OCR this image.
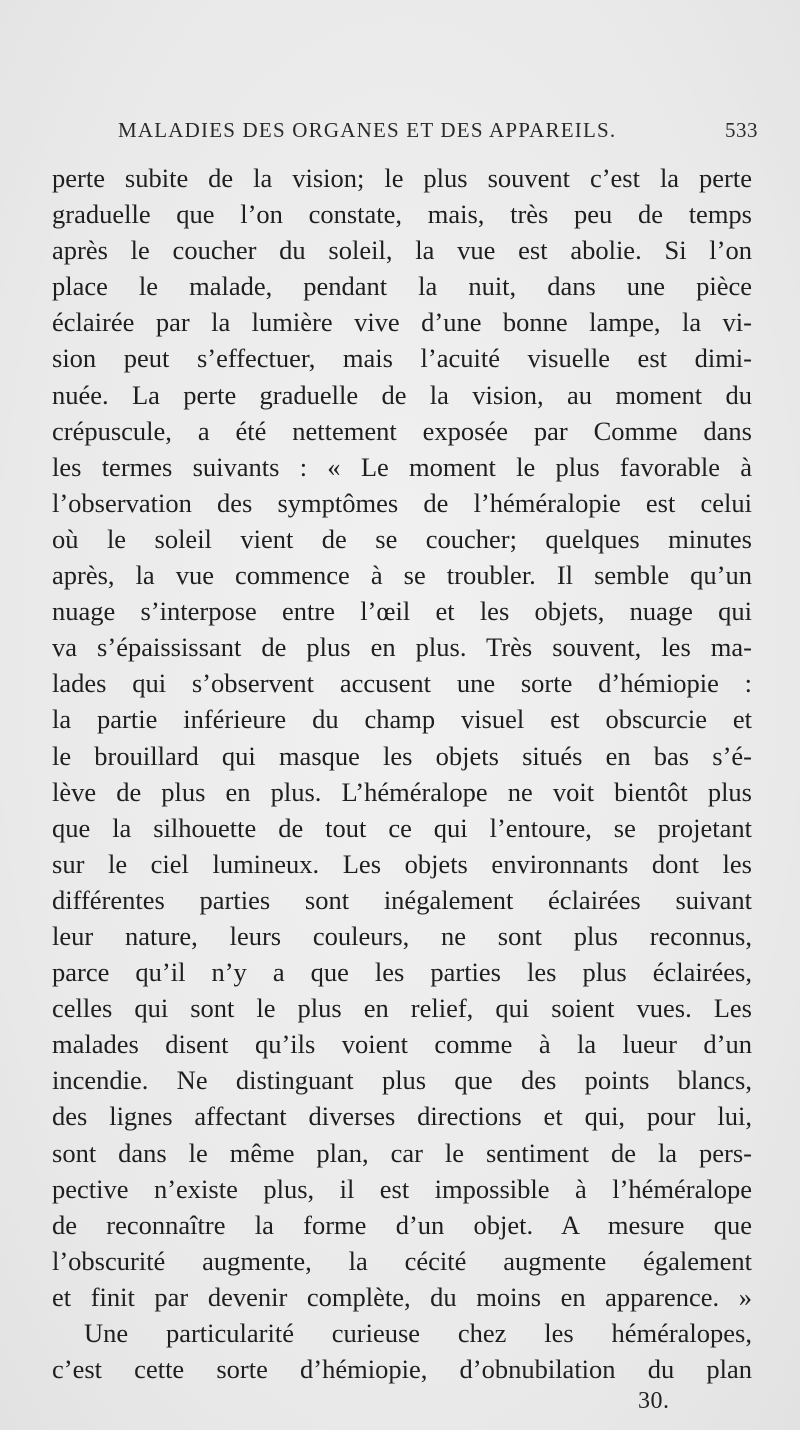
MALADIES DES ORGANES ET DES APPAREILS.	533
perte subite de la vision; le plus souvent c’est la perte
graduelle que l’on constate, mais, très peu de temps
après le coucher du soleil, la vue est abolie. Si l’on
place le malade, pendant la nuit, dans une pièce
éclairée par la lumière vive d’une bonne lampe, la vi-
sion peut s’effectuer, mais l’acuité visuelle est dimi-
nuée. La perte graduelle de la vision, au moment du
crépuscule, a été nettement exposée par Comme dans
les termes suivants : « Le moment le plus favorable à
l’observation des symptômes de l’héméralopie est celui
où le soleil vient de se coucher; quelques minutes
après, la vue commence à se troubler. Il semble qu’un
nuage s’interpose entre l’œil et les objets, nuage qui
va s’épaississant de plus en plus. Très souvent, les ma-
lades qui s’observent accusent une sorte d’hémiopie :
la partie inférieure du champ visuel est obscurcie et
le brouillard qui masque les objets situés en bas s’é-
lève de plus en plus. L’héméralope ne voit bientôt plus
que la silhouette de tout ce qui l’entoure, se projetant
sur le ciel lumineux. Les objets environnants dont les
différentes parties sont inégalement éclairées suivant
leur nature, leurs couleurs, ne sont plus reconnus,
parce qu’il n’y a que les parties les plus éclairées,
celles qui sont le plus en relief, qui soient vues. Les
malades disent qu’ils voient comme à la lueur d’un
incendie. Ne distinguant plus que des points blancs,
des lignes affectant diverses directions et qui, pour lui,
sont dans le même plan, car le sentiment de la pers-
pective n’existe plus, il est impossible à l’héméralope
de reconnaître la forme d’un objet. A mesure que
l’obscurité augmente, la cécité augmente également
et finit par devenir complète, du moins en apparence. »
Une particularité curieuse chez les héméralopes,
c’est cette sorte d’hémiopie, d’obnubilation du plan
30.
